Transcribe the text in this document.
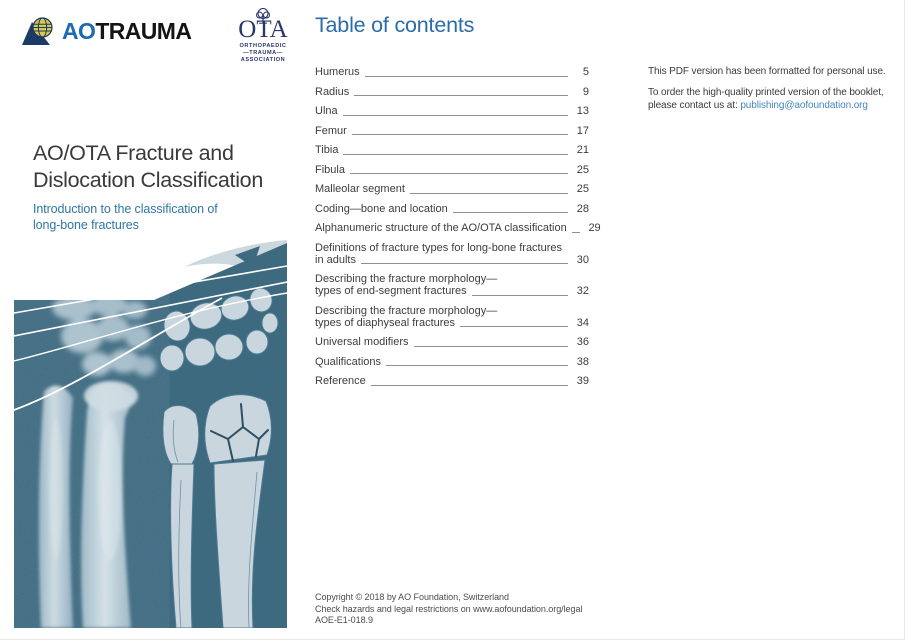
AOTRAUMA OTA
ORTHOPAEDIC
—TRAUMA—
ASSOCIATION
Table of contents
Humerus	5
Radius	9
Ulna	13
Femur	17
Tibia	21
Fibula	25
Malleolar segment	25
Coding—bone and location	28
Alphanumeric structure of the AO/OTA classification	29
Definitions of fracture types for long-bone fractures
in adults	30
Describing the fracture morphology—
types of end-segment fractures	32
Describing the fracture morphology—
types of diaphyseal fractures	34
Universal modifiers	36
Qualifications	38
Reference	39

This PDF version has been formatted for personal use.

To order the high-quality printed version of the booklet,
please contact us at: publishing@aofoundation.org
AO/OTA Fracture and
Dislocation Classification
Introduction to the classification of
long-bone fractures
Copyright © 2018 by AO Foundation, Switzerland
Check hazards and legal restrictions on www.aofoundation.org/legal
AOE-E1-018.9
